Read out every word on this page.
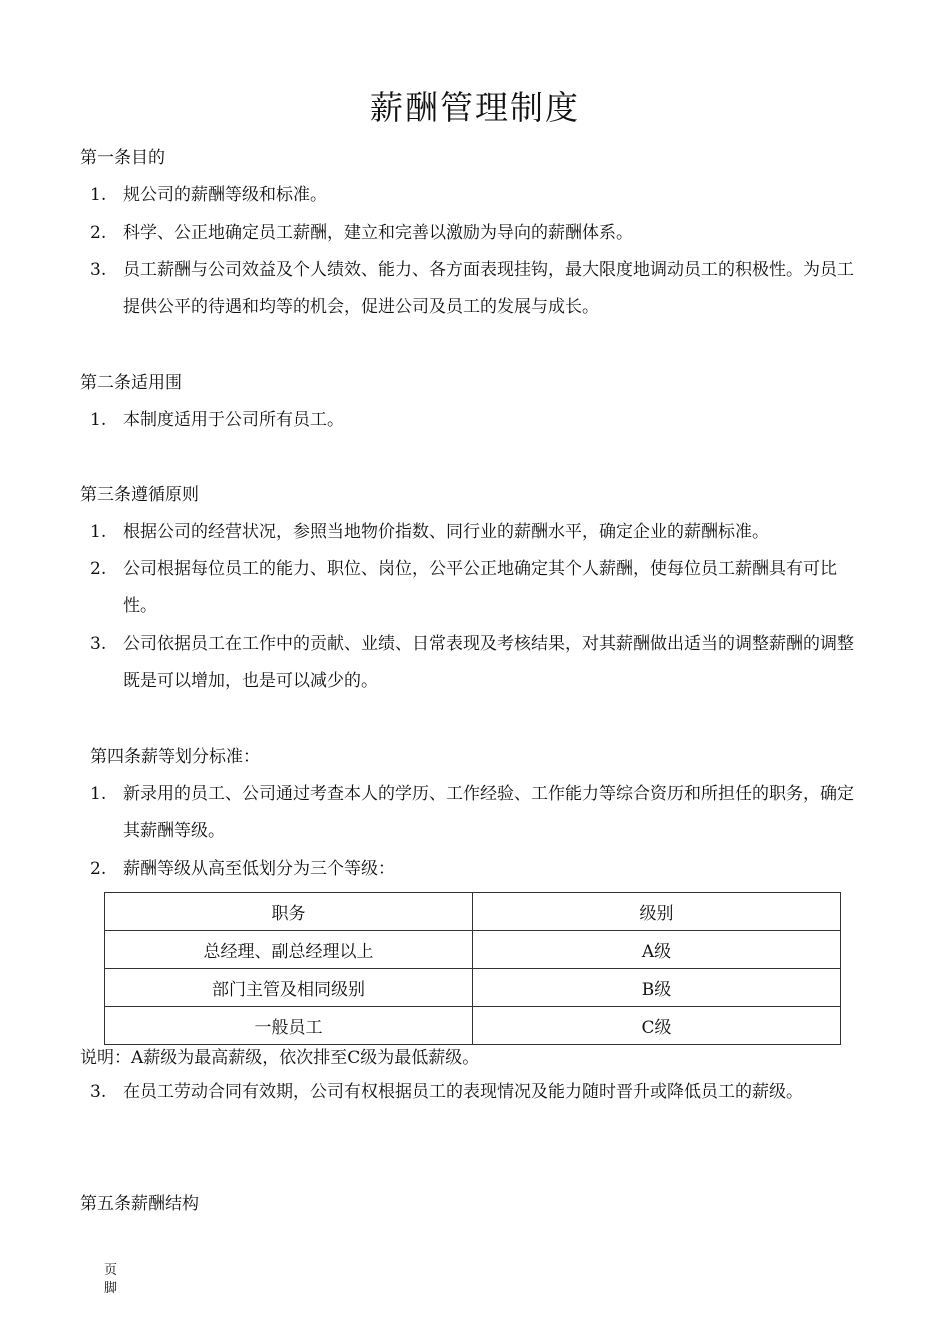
薪酬管理制度
第一条目的
1. 规公司的薪酬等级和标准。
2. 科学、公正地确定员工薪酬，建立和完善以激励为导向的薪酬体系。
3. 员工薪酬与公司效益及个人绩效、能力、各方面表现挂钩，最大限度地调动员工的积极性。为员工提供公平的待遇和均等的机会，促进公司及员工的发展与成长。
第二条适用围
1. 本制度适用于公司所有员工。
第三条遵循原则
1. 根据公司的经营状况，参照当地物价指数、同行业的薪酬水平，确定企业的薪酬标准。
2. 公司根据每位员工的能力、职位、岗位，公平公正地确定其个人薪酬，使每位员工薪酬具有可比性。
3. 公司依据员工在工作中的贡献、业绩、日常表现及考核结果，对其薪酬做出适当的调整薪酬的调整既是可以增加，也是可以减少的。
第四条薪等划分标准：
1. 新录用的员工、公司通过考查本人的学历、工作经验、工作能力等综合资历和所担任的职务，确定其薪酬等级。
2. 薪酬等级从高至低划分为三个等级：
职务	级别
总经理、副总经理以上	A级
部门主管及相同级别	B级
一般员工	C级
说明：A薪级为最高薪级，依次排至C级为最低薪级。
3. 在员工劳动合同有效期，公司有权根据员工的表现情况及能力随时晋升或降低员工的薪级。
第五条薪酬结构
页
脚
